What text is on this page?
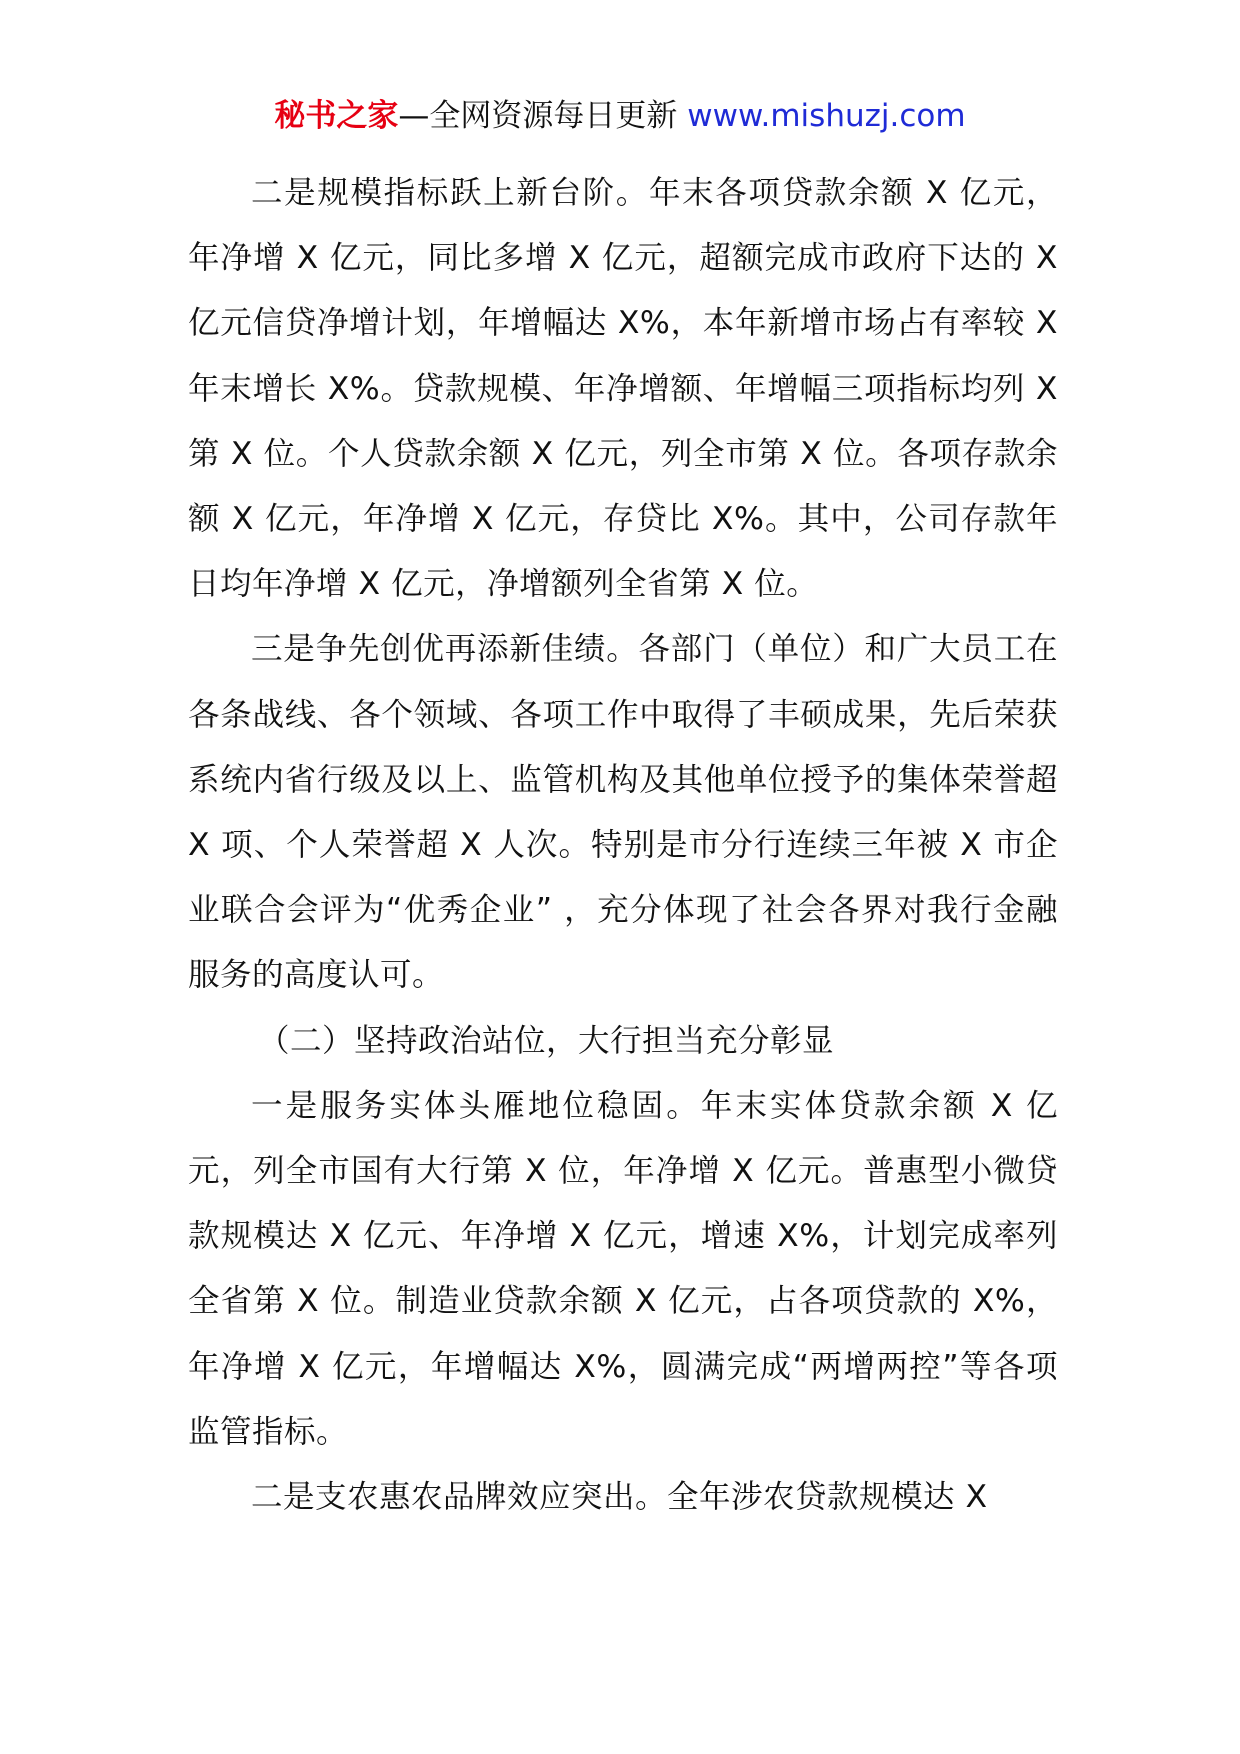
秘书之家—全网资源每日更新 www.mishuzj.com

二是规模指标跃上新台阶。年末各项贷款余额 X 亿元，年净增 X 亿元，同比多增 X 亿元，超额完成市政府下达的 X 亿元信贷净增计划，年增幅达 X%，本年新增市场占有率较 X 年末增长 X%。贷款规模、年净增额、年增幅三项指标均列 X 第 X 位。个人贷款余额 X 亿元，列全市第 X 位。各项存款余额 X 亿元，年净增 X 亿元，存贷比 X%。其中，公司存款年日均年净增 X 亿元，净增额列全省第 X 位。

三是争先创优再添新佳绩。各部门（单位）和广大员工在各条战线、各个领域、各项工作中取得了丰硕成果，先后荣获系统内省行级及以上、监管机构及其他单位授予的集体荣誉超 X 项、个人荣誉超 X 人次。特别是市分行连续三年被 X 市企业联合会评为“优秀企业” ，充分体现了社会各界对我行金融服务的高度认可。

（二）坚持政治站位，大行担当充分彰显

一是服务实体头雁地位稳固。年末实体贷款余额 X 亿元，列全市国有大行第 X 位，年净增 X 亿元。普惠型小微贷款规模达 X 亿元、年净增 X 亿元，增速 X%，计划完成率列全省第 X 位。制造业贷款余额 X 亿元，占各项贷款的 X%，年净增 X 亿元，年增幅达 X%，圆满完成“两增两控”等各项监管指标。

二是支农惠农品牌效应突出。全年涉农贷款规模达 X
